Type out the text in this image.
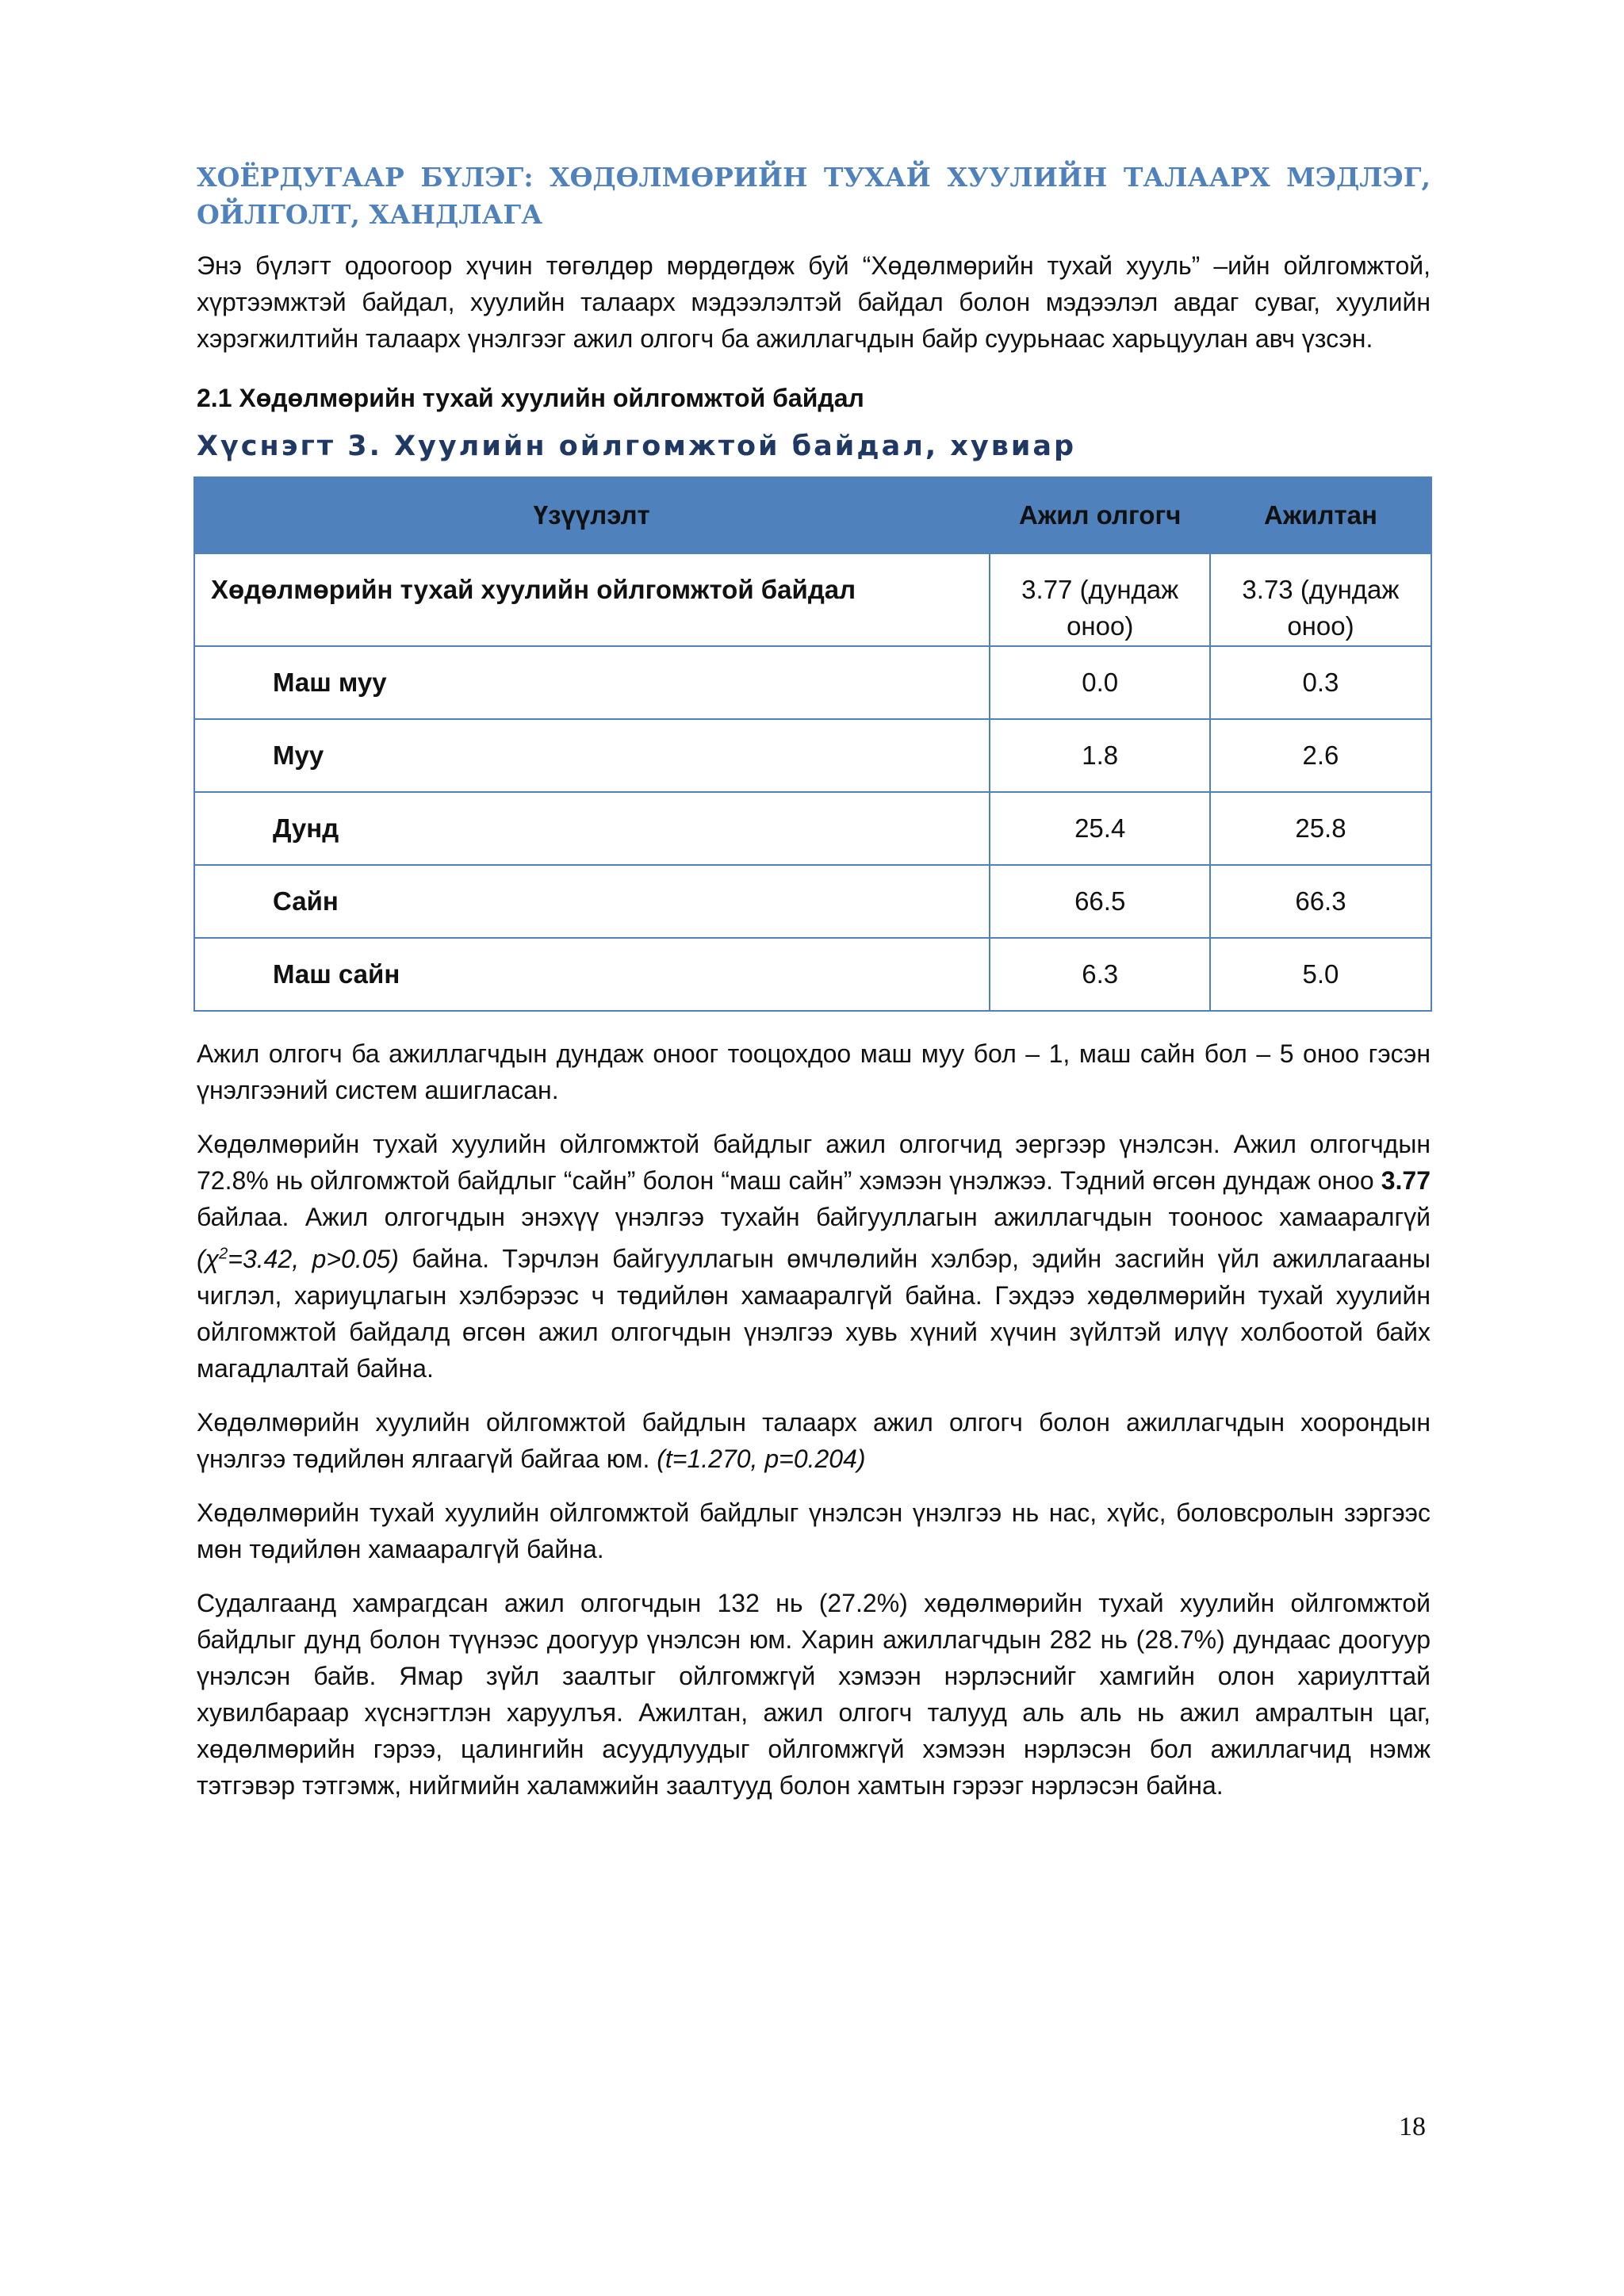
ХОЁРДУГААР БҮЛЭГ: ХӨДӨЛМӨРИЙН ТУХАЙ ХУУЛИЙН ТАЛААРХ МЭДЛЭГ, ОЙЛГОЛТ, ХАНДЛАГА

Энэ бүлэгт одоогоор хүчин төгөлдөр мөрдөгдөж буй “Хөдөлмөрийн тухай хууль” –ийн ойлгомжтой, хүртээмжтэй байдал, хуулийн талаарх мэдээлэлтэй байдал болон мэдээлэл авдаг суваг, хуулийн хэрэгжилтийн талаарх үнэлгээг ажил олгогч ба ажиллагчдын байр суурьнаас харьцуулан авч үзсэн.

2.1 Хөдөлмөрийн тухай хуулийн ойлгомжтой байдал
Хүснэгт 3. Хуулийн ойлгомжтой байдал, хувиар
Үзүүлэлт	Ажил олгогч	Ажилтан
Хөдөлмөрийн тухай хуулийн ойлгомжтой байдал	3.77 (дундаж оноо)	3.73 (дундаж оноо)
Маш муу	0.0	0.3
Муу	1.8	2.6
Дунд	25.4	25.8
Сайн	66.5	66.3
Маш сайн	6.3	5.0

Ажил олгогч ба ажиллагчдын дундаж оноог тооцохдоо маш муу бол – 1, маш сайн бол – 5 оноо гэсэн үнэлгээний систем ашигласан.

Хөдөлмөрийн тухай хуулийн ойлгомжтой байдлыг ажил олгогчид эергээр үнэлсэн. Ажил олгогчдын 72.8% нь ойлгомжтой байдлыг “сайн” болон “маш сайн” хэмээн үнэлжээ. Тэдний өгсөн дундаж оноо 3.77 байлаа. Ажил олгогчдын энэхүү үнэлгээ тухайн байгууллагын ажиллагчдын тооноос хамааралгүй ($\chi^2=3.42$, p>0.05) байна. Тэрчлэн байгууллагын өмчлөлийн хэлбэр, эдийн засгийн үйл ажиллагааны чиглэл, хариуцлагын хэлбэрээс ч төдийлөн хамааралгүй байна. Гэхдээ хөдөлмөрийн тухай хуулийн ойлгомжтой байдалд өгсөн ажил олгогчдын үнэлгээ хувь хүний хүчин зүйлтэй илүү холбоотой байх магадлалтай байна.

Хөдөлмөрийн хуулийн ойлгомжтой байдлын талаарх ажил олгогч болон ажиллагчдын хоорондын үнэлгээ төдийлөн ялгаагүй байгаа юм. (t=1.270, p=0.204)

Хөдөлмөрийн тухай хуулийн ойлгомжтой байдлыг үнэлсэн үнэлгээ нь нас, хүйс, боловсролын зэргээс мөн төдийлөн хамааралгүй байна.

Судалгаанд хамрагдсан ажил олгогчдын 132 нь (27.2%) хөдөлмөрийн тухай хуулийн ойлгомжтой байдлыг дунд болон түүнээс доогуур үнэлсэн юм. Харин ажиллагчдын 282 нь (28.7%) дундаас доогуур үнэлсэн байв. Ямар зүйл заалтыг ойлгомжгүй хэмээн нэрлэснийг хамгийн олон хариулттай хувилбараар хүснэгтлэн харуулъя. Ажилтан, ажил олгогч талууд аль аль нь ажил амралтын цаг, хөдөлмөрийн гэрээ, цалингийн асуудлуудыг ойлгомжгүй хэмээн нэрлэсэн бол ажиллагчид нэмж тэтгэвэр тэтгэмж, нийгмийн халамжийн заалтууд болон хамтын гэрээг нэрлэсэн байна.

18
